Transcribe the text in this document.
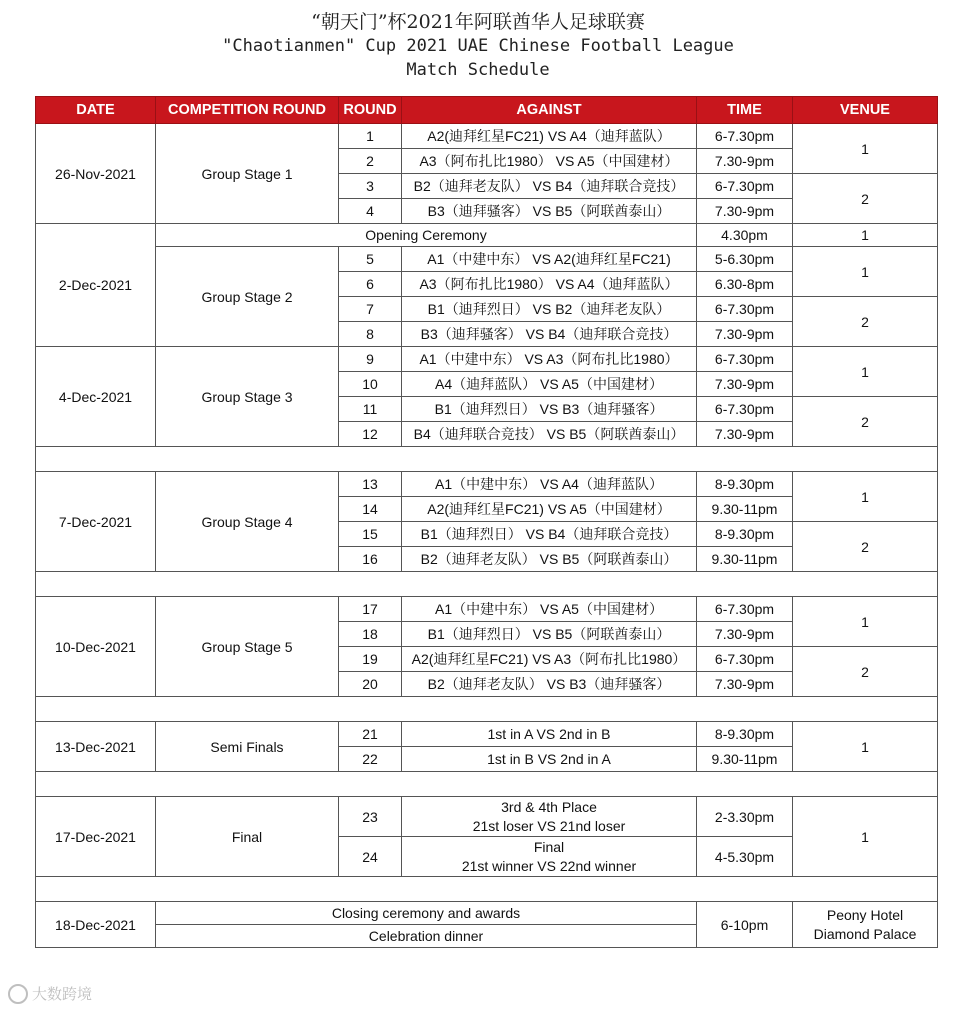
“朝天门”杯2021年阿联酋华人足球联赛
"Chaotianmen" Cup 2021 UAE Chinese Football League
Match Schedule
DATE	COMPETITION ROUND	ROUND	AGAINST	TIME	VENUE
26-Nov-2021	Group Stage 1	1	A2(迪拜红星FC21) VS A4（迪拜蓝队）	6-7.30pm	1
		2	A3（阿布扎比1980） VS A5（中国建材）	7.30-9pm	
		3	B2（迪拜老友队） VS B4（迪拜联合竞技）	6-7.30pm	2
		4	B3（迪拜骚客） VS B5（阿联酋泰山）	7.30-9pm	
2-Dec-2021	Opening Ceremony			4.30pm	1
	Group Stage 2	5	A1（中建中东） VS A2(迪拜红星FC21)	5-6.30pm	1
		6	A3（阿布扎比1980） VS A4（迪拜蓝队）	6.30-8pm	
		7	B1（迪拜烈日） VS B2（迪拜老友队）	6-7.30pm	2
		8	B3（迪拜骚客） VS B4（迪拜联合竞技）	7.30-9pm	
4-Dec-2021	Group Stage 3	9	A1（中建中东） VS A3（阿布扎比1980）	6-7.30pm	1
		10	A4（迪拜蓝队） VS A5（中国建材）	7.30-9pm	
		11	B1（迪拜烈日） VS B3（迪拜骚客）	6-7.30pm	2
		12	B4（迪拜联合竞技） VS B5（阿联酋泰山）	7.30-9pm	

7-Dec-2021	Group Stage 4	13	A1（中建中东） VS A4（迪拜蓝队）	8-9.30pm	1
		14	A2(迪拜红星FC21) VS A5（中国建材）	9.30-11pm	
		15	B1（迪拜烈日） VS B4（迪拜联合竞技）	8-9.30pm	2
		16	B2（迪拜老友队） VS B5（阿联酋泰山）	9.30-11pm	

10-Dec-2021	Group Stage 5	17	A1（中建中东） VS A5（中国建材）	6-7.30pm	1
		18	B1（迪拜烈日） VS B5（阿联酋泰山）	7.30-9pm	
		19	A2(迪拜红星FC21) VS A3（阿布扎比1980）	6-7.30pm	2
		20	B2（迪拜老友队） VS B3（迪拜骚客）	7.30-9pm	

13-Dec-2021	Semi Finals	21	1st in A VS 2nd in B	8-9.30pm	1
		22	1st in B VS 2nd in A	9.30-11pm	

17-Dec-2021	Final	23	3rd & 4th Place
21st loser VS 21nd loser	2-3.30pm	1
		24	Final
21st winner VS 22nd winner	4-5.30pm	

18-Dec-2021	Closing ceremony and awards			6-10pm	Peony Hotel
Diamond Palace

	Celebration dinner				
大数跨境
